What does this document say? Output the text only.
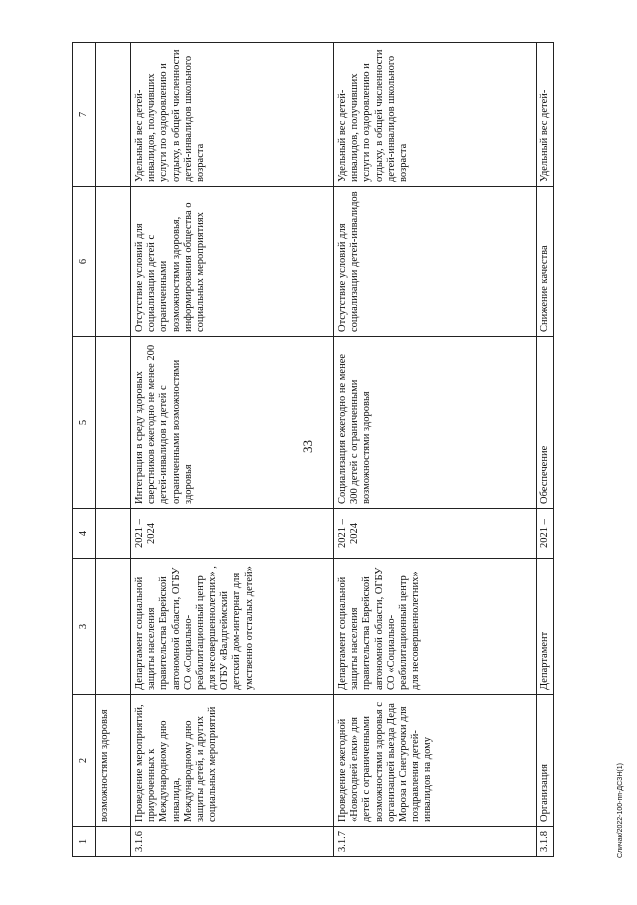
33
Сличак/2022-100-пп-ДСЗН(1)
1	2	3	4	5	6	7
	возможностями здоровья					
3.1.6	Проведение мероприятий, приуроченных к Международному дню инвалида, Международному дню защиты детей, и других социальных мероприятий	Департамент социальной защиты населения правительства Еврейской автономной области, ОГБУ СО «Социально-реабилитационный центр для несовершеннолетних» , ОГБУ «Валдгеймский детский дом-интернат для умственно отсталых детей»	2021 – 2024	Интеграция в среду здоровых сверстников ежегодно не менее 200 детей-инвалидов и детей с ограниченными возможностями здоровья	Отсутствие условий для социализации детей с ограниченными возможностями здоровья, информирования общества о социальных мероприятиях	Удельный вес детей-инвалидов, получивших услуги по оздоровлению и отдыху, в общей численности детей-инвалидов школьного возраста
3.1.7	Проведение ежегодной «Новогодней елки» для детей с ограниченными возможностями здоровья с организацией выезда Деда Мороза и Снегурочки для поздравления детей-инвалидов на дому	Департамент социальной защиты населения правительства Еврейской автономной области, ОГБУ СО «Социально-реабилитационный центр для несовершеннолетних»	2021 – 2024	Социализация ежегодно не менее 300 детей с ограниченными возможностями здоровья	Отсутствие условий для социализации детей-инвалидов	Удельный вес детей-инвалидов, получивших услуги по оздоровлению и отдыху, в общей численности детей-инвалидов школьного возраста
3.1.8	Организация	Департамент	2021 –	Обеспечение	Снижение качества	Удельный вес детей-
